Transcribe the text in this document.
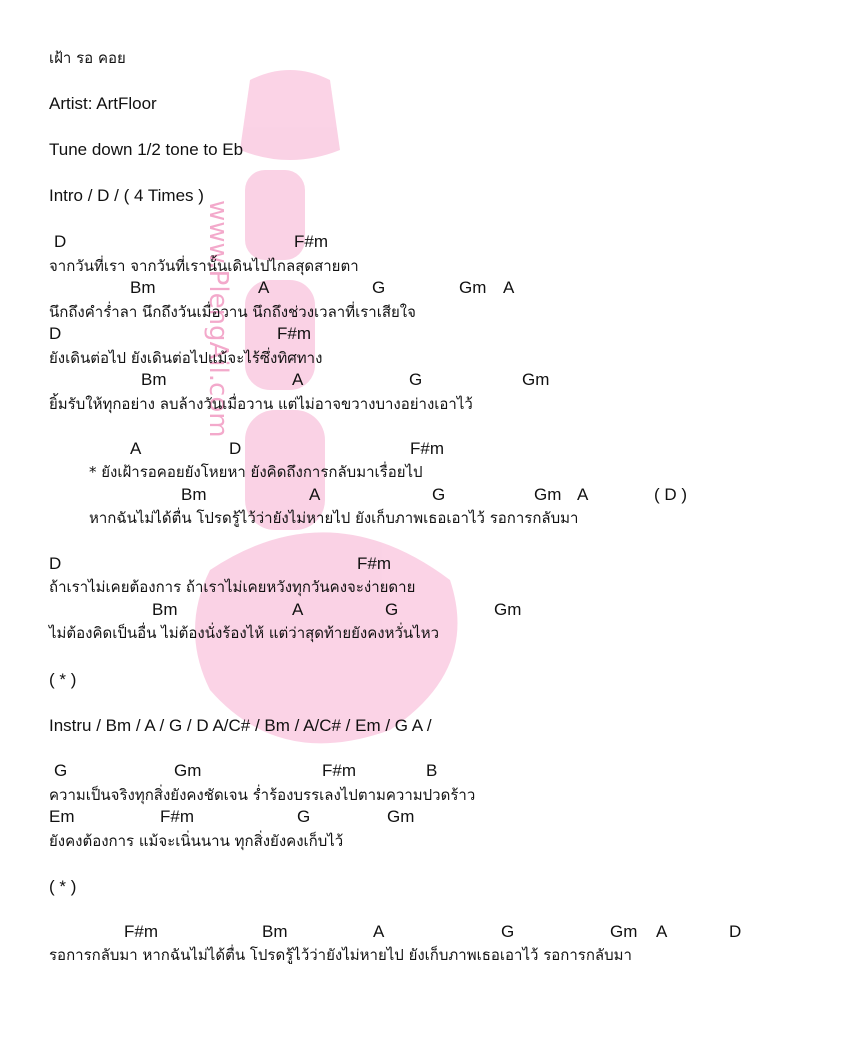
www.PlengAil.com
เฝ้า รอ คอย
Artist: ArtFloor
Tune down 1/2 tone to Eb
Intro / D / ( 4 Times )
D	F#m
จากวันที่เรา จากวันที่เรานั้นเดินไปไกลสุดสายตา
Bm	A	G	Gm A
นึกถึงคำร่ำลา นึกถึงวันเมื่อวาน นึกถึงช่วงเวลาที่เราเสียใจ
D	F#m
ยังเดินต่อไป ยังเดินต่อไปแม้จะไร้ซึ่งทิศทาง
Bm	A	G	Gm
ยิ้มรับให้ทุกอย่าง ลบล้างวันเมื่อวาน แต่ไม่อาจขวางบางอย่างเอาไว้
A	D	F#m
* ยังเฝ้ารอคอยยังโหยหา ยังคิดถึงการกลับมาเรื่อยไป
Bm	A	G	Gm A	( D )
หากฉันไม่ได้ตื่น โปรดรู้ไว้ว่ายังไม่หายไป ยังเก็บภาพเธอเอาไว้ รอการกลับมา
D	F#m
ถ้าเราไม่เคยต้องการ ถ้าเราไม่เคยหวังทุกวันคงจะง่ายดาย
Bm	A	G	Gm
ไม่ต้องคิดเป็นอื่น ไม่ต้องนั่งร้องไห้ แต่ว่าสุดท้ายยังคงหวั่นไหว
( * )
Instru / Bm / A / G / D A/C# / Bm / A/C# / Em / G A /
G	Gm	F#m	B
ความเป็นจริงทุกสิ่งยังคงชัดเจน ร่ำร้องบรรเลงไปตามความปวดร้าว
Em	F#m	G	Gm
ยังคงต้องการ แม้จะเนิ่นนาน ทุกสิ่งยังคงเก็บไว้
( * )
F#m	Bm	A	G	Gm A	D
รอการกลับมา หากฉันไม่ได้ตื่น โปรดรู้ไว้ว่ายังไม่หายไป ยังเก็บภาพเธอเอาไว้ รอการกลับมา
